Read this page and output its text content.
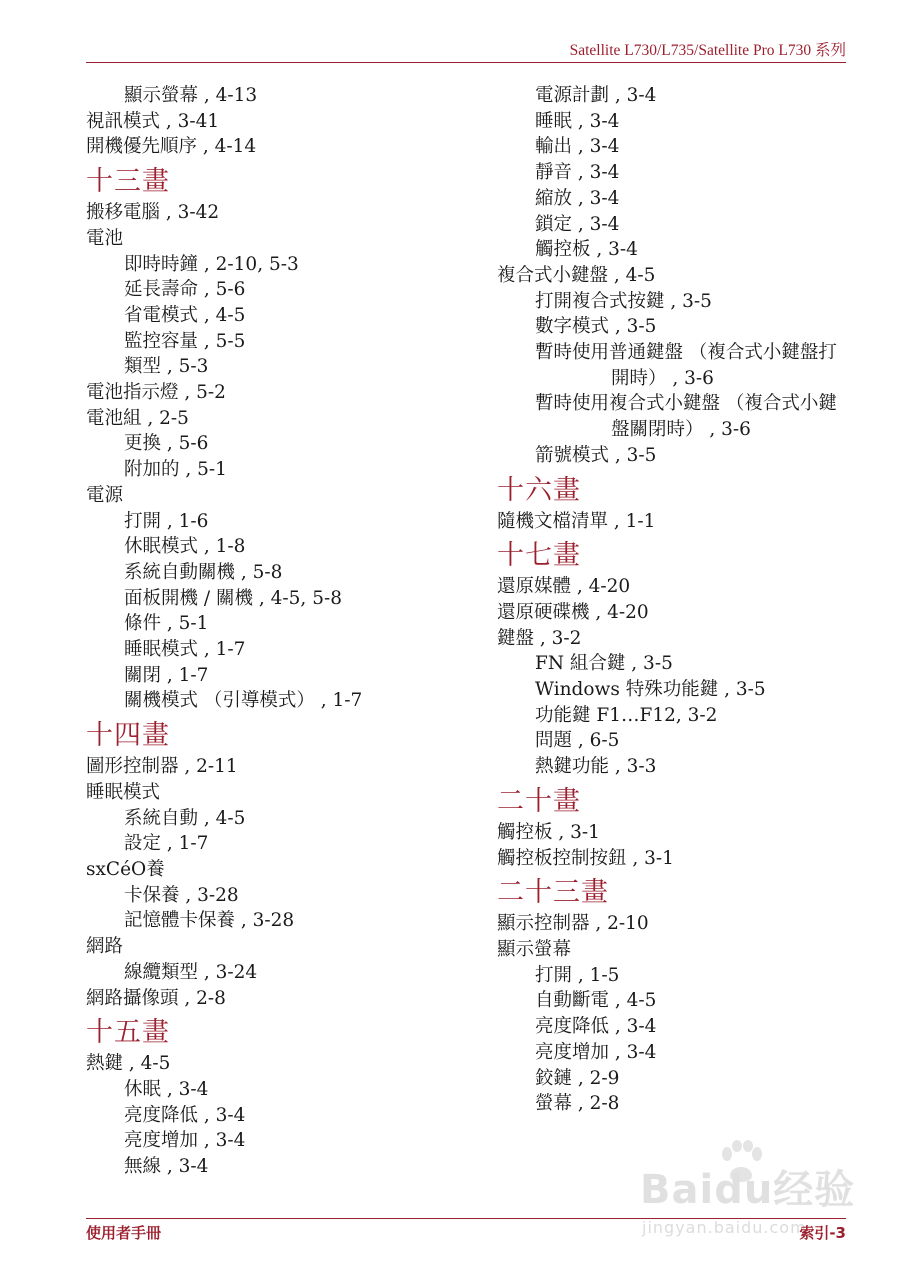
Satellite L730/L735/Satellite Pro L730 系列
顯示螢幕 , 4-13
視訊模式 , 3-41
開機優先順序 , 4-14
十三畫
搬移電腦 , 3-42
電池
即時時鐘 , 2-10, 5-3
延長壽命 , 5-6
省電模式 , 4-5
監控容量 , 5-5
類型 , 5-3
電池指示燈 , 5-2
電池組 , 2-5
更換 , 5-6
附加的 , 5-1
電源
打開 , 1-6
休眠模式 , 1-8
系統自動關機 , 5-8
面板開機 / 關機 , 4-5, 5-8
條件 , 5-1
睡眠模式 , 1-7
關閉 , 1-7
關機模式 （引導模式） , 1-7
十四畫
圖形控制器 , 2-11
睡眠模式
系統自動 , 4-5
設定 , 1-7
sxCéO養
卡保養 , 3-28
記憶體卡保養 , 3-28
網路
線纜類型 , 3-24
網路攝像頭 , 2-8
十五畫
熱鍵 , 4-5
休眠 , 3-4
亮度降低 , 3-4
亮度增加 , 3-4
無線 , 3-4
電源計劃 , 3-4
睡眠 , 3-4
輸出 , 3-4
靜音 , 3-4
縮放 , 3-4
鎖定 , 3-4
觸控板 , 3-4
複合式小鍵盤 , 4-5
打開複合式按鍵 , 3-5
數字模式 , 3-5
暫時使用普通鍵盤 （複合式小鍵盤打開時） , 3-6
暫時使用複合式小鍵盤 （複合式小鍵盤關閉時） , 3-6
箭號模式 , 3-5
十六畫
隨機文檔清單 , 1-1
十七畫
還原媒體 , 4-20
還原硬碟機 , 4-20
鍵盤 , 3-2
FN 組合鍵 , 3-5
Windows 特殊功能鍵 , 3-5
功能鍵 F1…F12, 3-2
問題 , 6-5
熱鍵功能 , 3-3
二十畫
觸控板 , 3-1
觸控板控制按鈕 , 3-1
二十三畫
顯示控制器 , 2-10
顯示螢幕
打開 , 1-5
自動斷電 , 4-5
亮度降低 , 3-4
亮度增加 , 3-4
鉸鏈 , 2-9
螢幕 , 2-8
使用者手冊
Baidu经验
jingyan.baidu.com
索引-3
